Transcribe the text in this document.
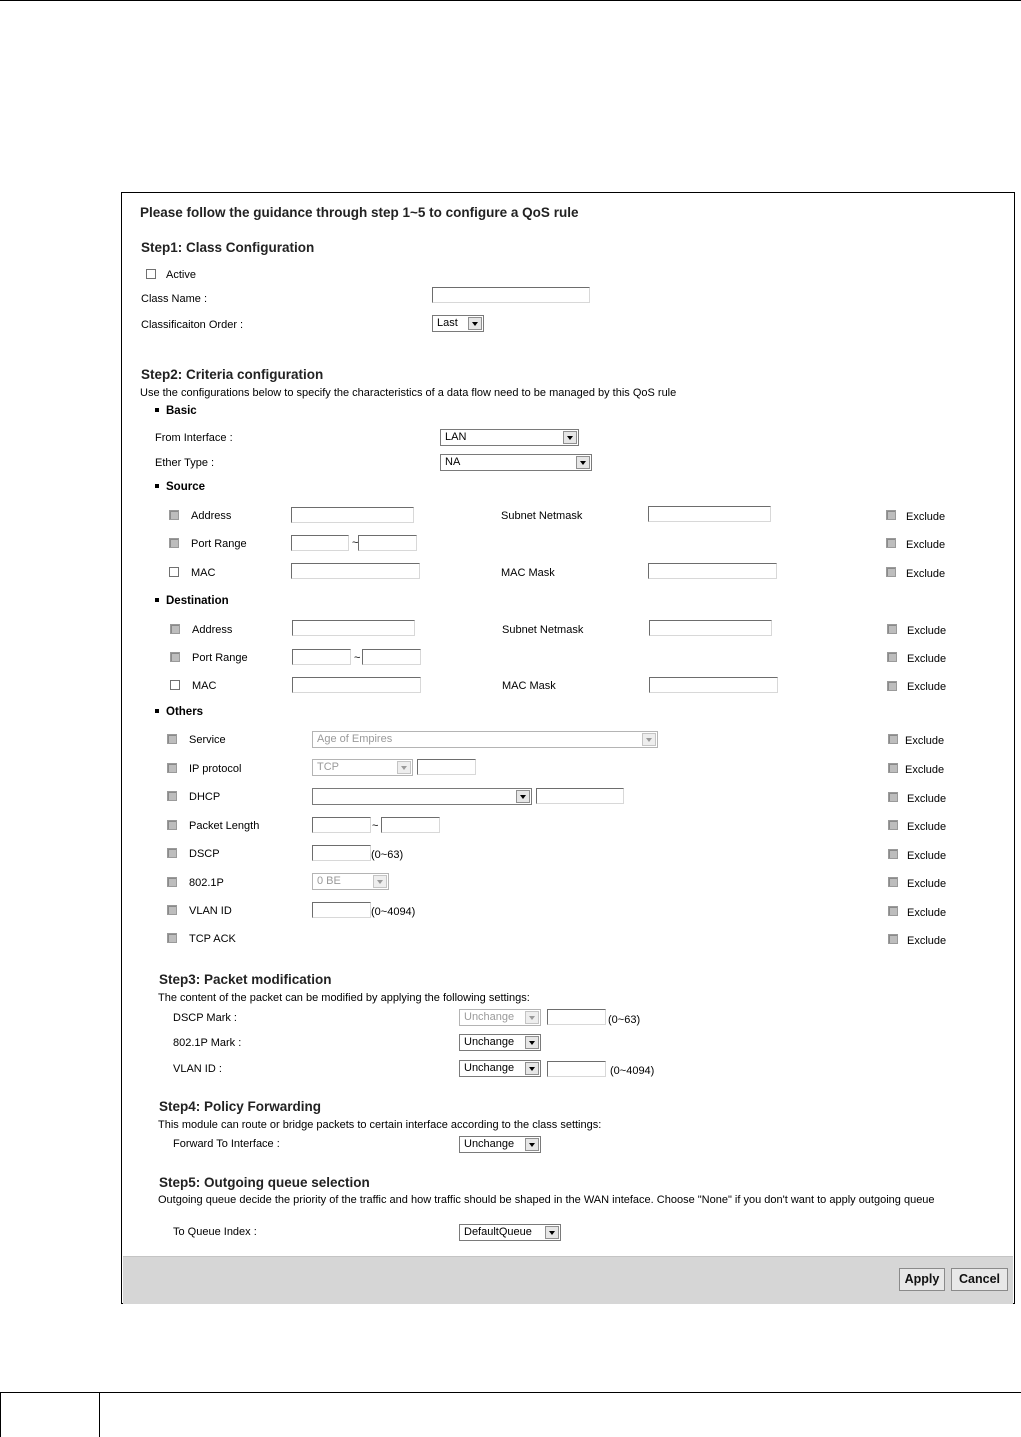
Please follow the guidance through step 1~5 to configure a QoS rule
Step1: Class Configuration
Active
Class Name :
Classificaiton Order :	Last
Step2: Criteria configuration
Use the configurations below to specify the characteristics of a data flow need to be managed by this QoS rule
Basic
From Interface :	LAN
Ether Type :	NA
Source
Address	Subnet Netmask	Exclude
Port Range	~	Exclude
MAC	MAC Mask	Exclude
Destination
Address	Subnet Netmask	Exclude
Port Range	~	Exclude
MAC	MAC Mask	Exclude
Others
Service	Age of Empires	Exclude
IP protocol	TCP	Exclude
DHCP	Exclude
Packet Length	~	Exclude
DSCP	(0~63)	Exclude
802.1P	0 BE	Exclude
VLAN ID	(0~4094)	Exclude
TCP ACK	Exclude
Step3: Packet modification
The content of the packet can be modified by applying the following settings:
DSCP Mark :	Unchange	(0~63)
802.1P Mark :	Unchange
VLAN ID :	Unchange	(0~4094)
Step4: Policy Forwarding
This module can route or bridge packets to certain interface according to the class settings:
Forward To Interface :	Unchange
Step5: Outgoing queue selection
Outgoing queue decide the priority of the traffic and how traffic should be shaped in the WAN inteface. Choose "None" if you don't want to apply outgoing queue
To Queue Index :	DefaultQueue
Apply	Cancel
